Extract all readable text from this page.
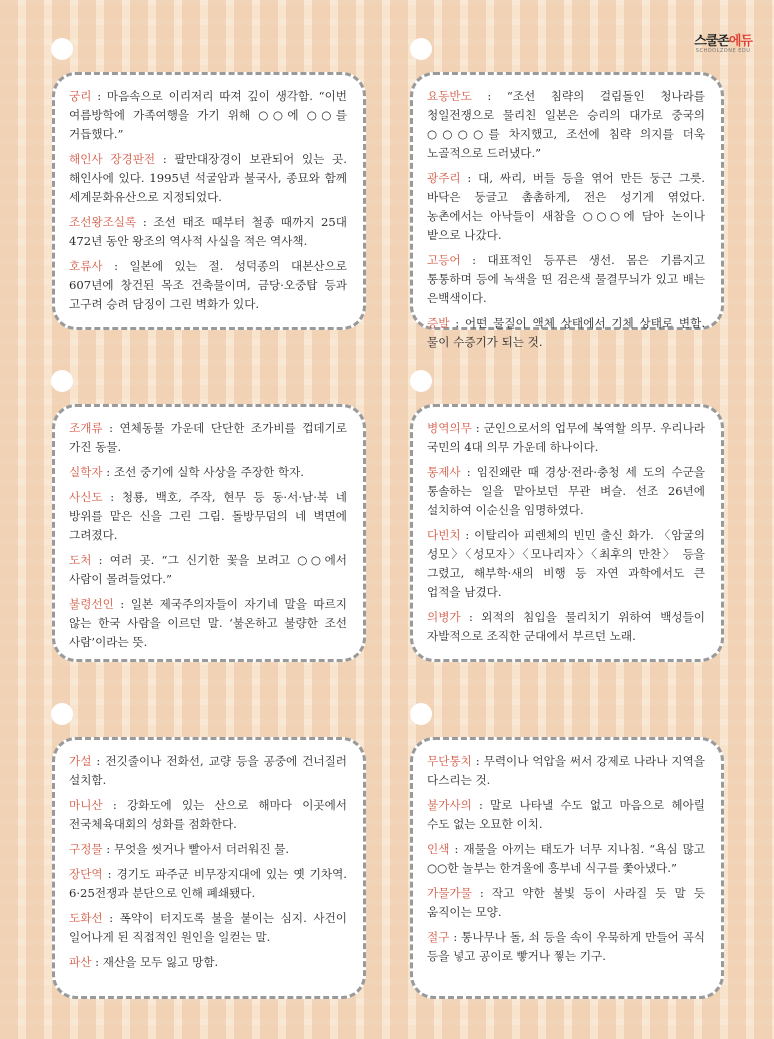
스쿨존에듀
SCHOOLZONE EDU

궁리 : 마음속으로 이리저리 따져 깊이 생각함. “이번 여름방학에 가족여행을 가기 위해 ○○에 ○○를 거듭했다.”

해인사 장경판전 : 팔만대장경이 보관되어 있는 곳. 해인사에 있다. 1995년 석굴암과 불국사, 종묘와 함께 세계문화유산으로 지정되었다.

조선왕조실록 : 조선 태조 때부터 철종 때까지 25대 472년 동안 왕조의 역사적 사실을 적은 역사책.

호류사 : 일본에 있는 절. 성덕종의 대본산으로 607년에 창건된 목조 건축물이며, 금당·오중탑 등과 고구려 승려 담징이 그린 벽화가 있다.

요동반도 : “조선 침략의 걸림돌인 청나라를 청일전쟁으로 물리친 일본은 승리의 대가로 중국의 ○○○○를 차지했고, 조선에 침략 의지를 더욱 노골적으로 드러냈다.”

광주리 : 대, 싸리, 버들 등을 엮어 만든 둥근 그릇. 바닥은 둥글고 촘촘하게, 전은 성기게 엮었다. 농촌에서는 아낙들이 새참을 ○○○에 담아 논이나 밭으로 나갔다.

고등어 : 대표적인 등푸른 생선. 몸은 기름지고 통통하며 등에 녹색을 띤 검은색 물결무늬가 있고 배는 은백색이다.

증발 : 어떤 물질이 액체 상태에서 기체 상태로 변함. 물이 수증기가 되는 것.

조개류 : 연체동물 가운데 단단한 조가비를 껍데기로 가진 동물.

실학자 : 조선 중기에 실학 사상을 주장한 학자.

사신도 : 청룡, 백호, 주작, 현무 등 동·서·남·북 네 방위를 맡은 신을 그린 그림. 돌방무덤의 네 벽면에 그려졌다.

도처 : 여러 곳. “그 신기한 꽃을 보려고 ○○에서 사람이 몰려들었다.”

불령선인 : 일본 제국주의자들이 자기네 말을 따르지 않는 한국 사람을 이르던 말. ‘불온하고 불량한 조선 사람’이라는 뜻.

병역의무 : 군인으로서의 업무에 복역할 의무. 우리나라 국민의 4대 의무 가운데 하나이다.

통제사 : 임진왜란 때 경상·전라·충청 세 도의 수군을 통솔하는 일을 맡아보던 무관 벼슬. 선조 26년에 설치하여 이순신을 임명하였다.

다빈치 : 이탈리아 피렌체의 빈민 출신 화가. 〈암굴의 성모〉〈성모자〉〈모나리자〉〈최후의 만찬〉 등을 그렸고, 해부학·새의 비행 등 자연 과학에서도 큰 업적을 남겼다.

의병가 : 외적의 침입을 물리치기 위하여 백성들이 자발적으로 조직한 군대에서 부르던 노래.

가설 : 전깃줄이나 전화선, 교량 등을 공중에 건너질러 설치함.

마니산 : 강화도에 있는 산으로 해마다 이곳에서 전국체육대회의 성화를 점화한다.

구정물 : 무엇을 씻거나 빨아서 더러워진 물.

장단역 : 경기도 파주군 비무장지대에 있는 옛 기차역. 6·25전쟁과 분단으로 인해 폐쇄됐다.

도화선 : 폭약이 터지도록 불을 붙이는 심지. 사건이 일어나게 된 직접적인 원인을 일컫는 말.

파산 : 재산을 모두 잃고 망함.

무단통치 : 무력이나 억압을 써서 강제로 나라나 지역을 다스리는 것.

불가사의 : 말로 나타낼 수도 없고 마음으로 헤아릴 수도 없는 오묘한 이치.

인색 : 재물을 아끼는 태도가 너무 지나침. “욕심 많고 ○○한 놀부는 한겨울에 흥부네 식구를 쫓아냈다.”

가물가물 : 작고 약한 불빛 등이 사라질 듯 말 듯 움직이는 모양.

절구 : 통나무나 돌, 쇠 등을 속이 우묵하게 만들어 곡식 등을 넣고 공이로 빻거나 찧는 기구.
